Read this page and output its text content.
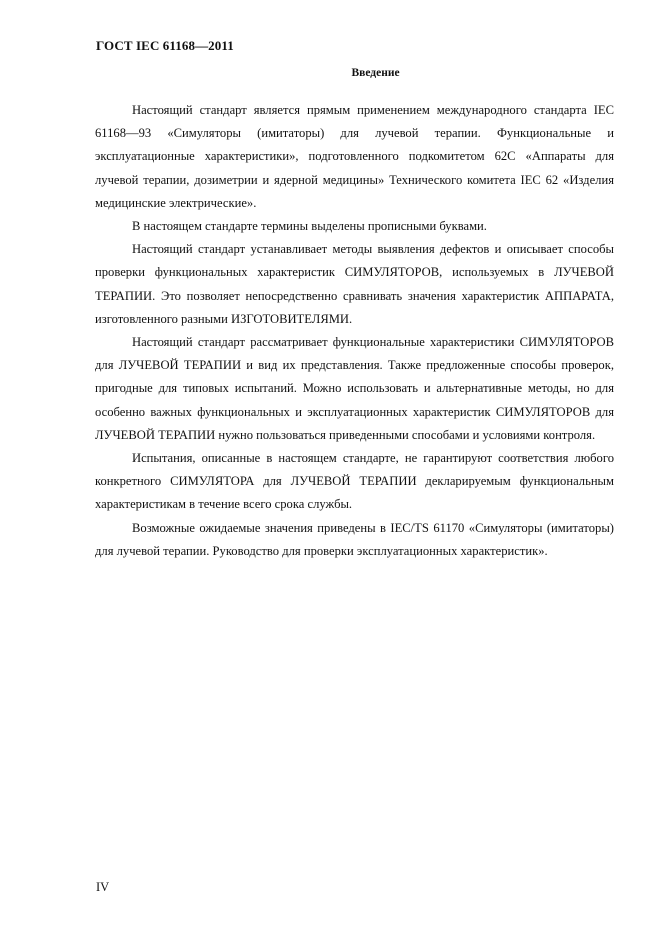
ГОСТ IEC 61168—2011
Введение

Настоящий стандарт является прямым применением международного стандарта IEC 61168—93 «Симуляторы (имитаторы) для лучевой терапии. Функциональные и эксплуатационные характеристики», подготовленного подкомитетом 62С «Аппараты для лучевой терапии, дозиметрии и ядерной медицины» Технического комитета IEC 62 «Изделия медицинские электрические».

В настоящем стандарте термины выделены прописными буквами.

Настоящий стандарт устанавливает методы выявления дефектов и описывает способы проверки функциональных характеристик СИМУЛЯТОРОВ, используемых в ЛУЧЕВОЙ ТЕРАПИИ. Это позволяет непосредственно сравнивать значения характеристик АППАРАТА, изготовленного разными ИЗГОТОВИТЕЛЯМИ.

Настоящий стандарт рассматривает функциональные характеристики СИМУЛЯТОРОВ для ЛУЧЕВОЙ ТЕРАПИИ и вид их представления. Также предложенные способы проверок, пригодные для типовых испытаний. Можно использовать и альтернативные методы, но для особенно важных функциональных и эксплуатационных характеристик СИМУЛЯТОРОВ для ЛУЧЕВОЙ ТЕРАПИИ нужно пользоваться приведенными способами и условиями контроля.

Испытания, описанные в настоящем стандарте, не гарантируют соответствия любого конкретного СИМУЛЯТОРА для ЛУЧЕВОЙ ТЕРАПИИ декларируемым функциональным характеристикам в течение всего срока службы.

Возможные ожидаемые значения приведены в IEC/TS 61170 «Симуляторы (имитаторы) для лучевой терапии. Руководство для проверки эксплуатационных характеристик».

IV
